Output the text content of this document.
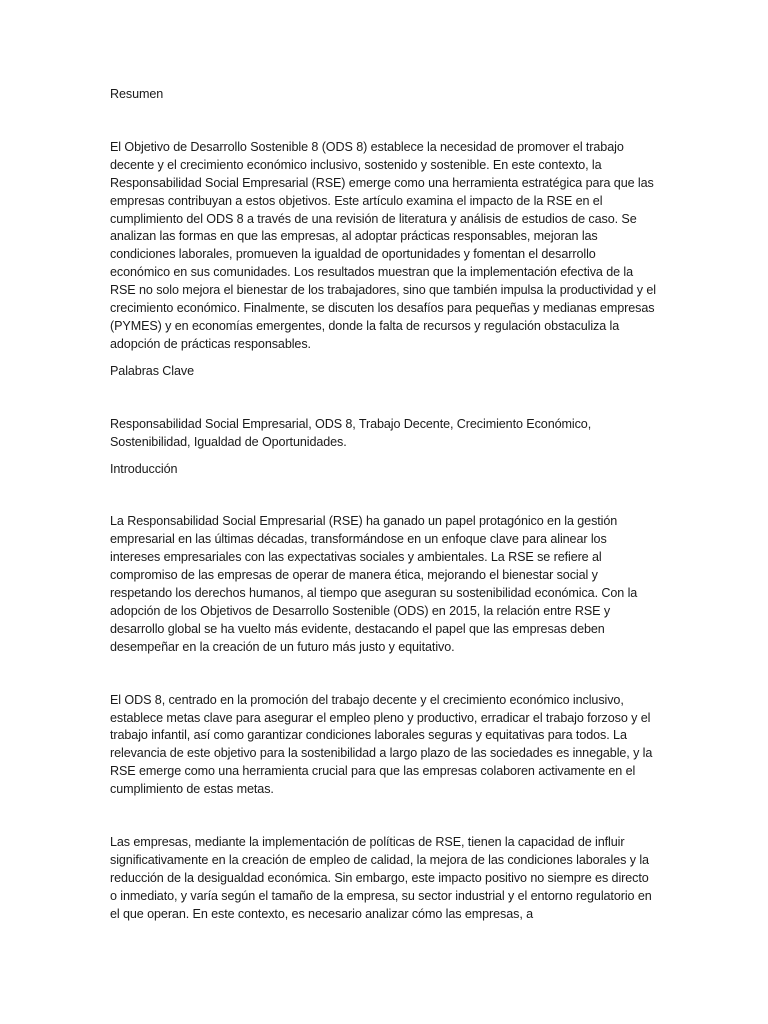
Resumen

El Objetivo de Desarrollo Sostenible 8 (ODS 8) establece la necesidad de promover el trabajo decente y el crecimiento económico inclusivo, sostenido y sostenible. En este contexto, la Responsabilidad Social Empresarial (RSE) emerge como una herramienta estratégica para que las empresas contribuyan a estos objetivos. Este artículo examina el impacto de la RSE en el cumplimiento del ODS 8 a través de una revisión de literatura y análisis de estudios de caso. Se analizan las formas en que las empresas, al adoptar prácticas responsables, mejoran las condiciones laborales, promueven la igualdad de oportunidades y fomentan el desarrollo económico en sus comunidades. Los resultados muestran que la implementación efectiva de la RSE no solo mejora el bienestar de los trabajadores, sino que también impulsa la productividad y el crecimiento económico. Finalmente, se discuten los desafíos para pequeñas y medianas empresas (PYMES) y en economías emergentes, donde la falta de recursos y regulación obstaculiza la adopción de prácticas responsables.

Palabras Clave

Responsabilidad Social Empresarial, ODS 8, Trabajo Decente, Crecimiento Económico, Sostenibilidad, Igualdad de Oportunidades.

Introducción

La Responsabilidad Social Empresarial (RSE) ha ganado un papel protagónico en la gestión empresarial en las últimas décadas, transformándose en un enfoque clave para alinear los intereses empresariales con las expectativas sociales y ambientales. La RSE se refiere al compromiso de las empresas de operar de manera ética, mejorando el bienestar social y respetando los derechos humanos, al tiempo que aseguran su sostenibilidad económica. Con la adopción de los Objetivos de Desarrollo Sostenible (ODS) en 2015, la relación entre RSE y desarrollo global se ha vuelto más evidente, destacando el papel que las empresas deben desempeñar en la creación de un futuro más justo y equitativo.

El ODS 8, centrado en la promoción del trabajo decente y el crecimiento económico inclusivo, establece metas clave para asegurar el empleo pleno y productivo, erradicar el trabajo forzoso y el trabajo infantil, así como garantizar condiciones laborales seguras y equitativas para todos. La relevancia de este objetivo para la sostenibilidad a largo plazo de las sociedades es innegable, y la RSE emerge como una herramienta crucial para que las empresas colaboren activamente en el cumplimiento de estas metas.

Las empresas, mediante la implementación de políticas de RSE, tienen la capacidad de influir significativamente en la creación de empleo de calidad, la mejora de las condiciones laborales y la reducción de la desigualdad económica. Sin embargo, este impacto positivo no siempre es directo o inmediato, y varía según el tamaño de la empresa, su sector industrial y el entorno regulatorio en el que operan. En este contexto, es necesario analizar cómo las empresas, a
